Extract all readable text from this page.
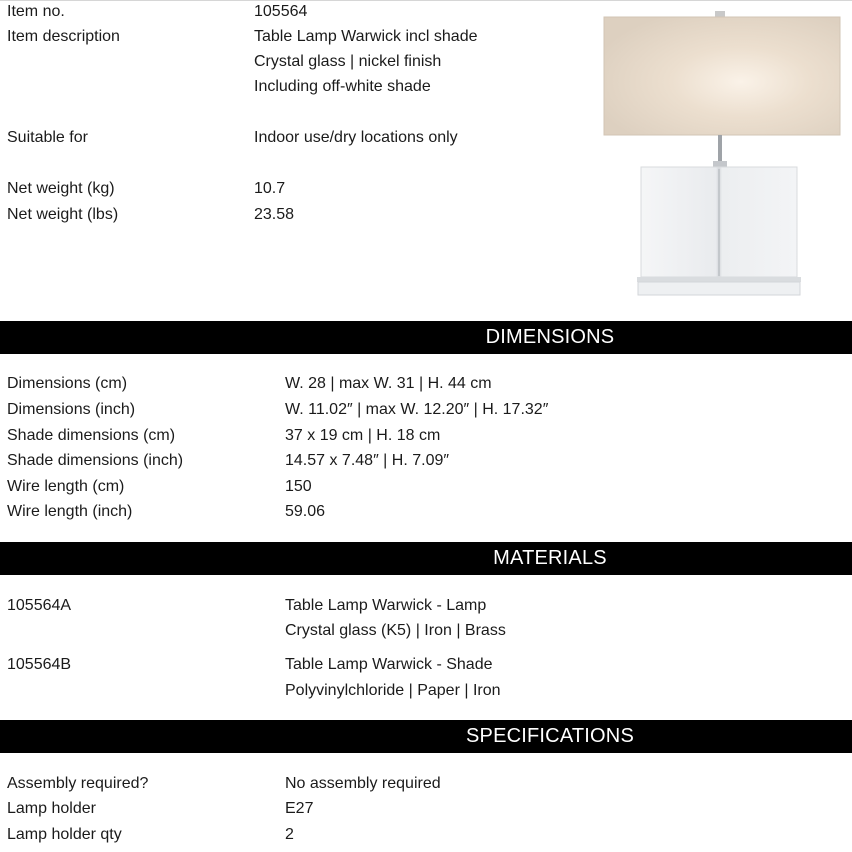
Item no.	105564
Item description	Table Lamp Warwick incl shade
Crystal glass | nickel finish
Including off-white shade
Suitable for	Indoor use/dry locations only
Net weight (kg)	10.7
Net weight (lbs)	23.58
DIMENSIONS
Dimensions (cm)	W. 28 | max W. 31 | H. 44 cm
Dimensions (inch)	W. 11.02″ | max W. 12.20″ | H. 17.32″
Shade dimensions (cm)	37 x 19 cm | H. 18 cm
Shade dimensions (inch)	14.57 x 7.48″ | H. 7.09″
Wire length (cm)	150
Wire length (inch)	59.06
MATERIALS
105564A	Table Lamp Warwick - Lamp
Crystal glass (K5) | Iron | Brass
105564B	Table Lamp Warwick - Shade
Polyvinylchloride | Paper | Iron
SPECIFICATIONS
Assembly required?	No assembly required
Lamp holder	E27
Lamp holder qty	2
